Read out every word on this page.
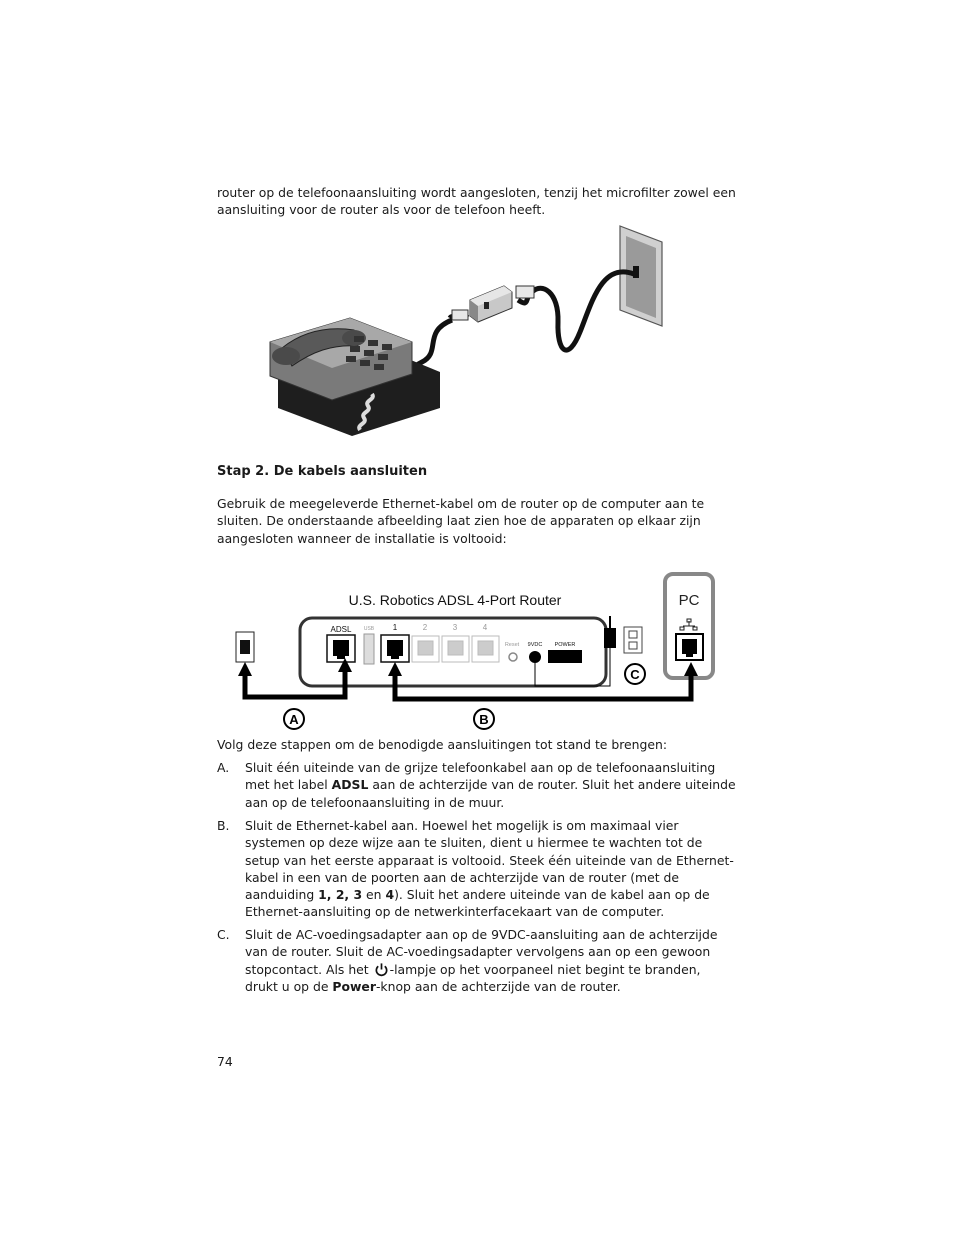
router op de telefoonaansluiting wordt aangesloten, tenzij het microfilter zowel een aansluiting voor de router als voor de telefoon heeft.

Stap 2. De kabels aansluiten

Gebruik de meegeleverde Ethernet-kabel om de router op de computer aan te sluiten. De onderstaande afbeelding laat zien hoe de apparaten op elkaar zijn aangesloten wanneer de installatie is voltooid:

PC
U.S. Robotics ADSL 4-Port Router
ADSL USB 1	2	3	4
Reset 9VDC POWER
A	B
C

Volg deze stappen om de benodigde aansluitingen tot stand te brengen:

A. Sluit één uiteinde van de grijze telefoonkabel aan op de telefoonaansluiting met het label ADSL aan de achterzijde van de router. Sluit het andere uiteinde aan op de telefoonaansluiting in de muur.
B. Sluit de Ethernet-kabel aan. Hoewel het mogelijk is om maximaal vier systemen op deze wijze aan te sluiten, dient u hiermee te wachten tot de setup van het eerste apparaat is voltooid. Steek één uiteinde van de Ethernet-kabel in een van de poorten aan de achterzijde van de router (met de aanduiding 1, 2, 3 en 4). Sluit het andere uiteinde van de kabel aan op de Ethernet-aansluiting op de netwerkinterfacekaart van de computer.
C. Sluit de AC-voedingsadapter aan op de 9VDC-aansluiting aan de achterzijde van de router. Sluit de AC-voedingsadapter vervolgens aan op een gewoon stopcontact. Als het -lampje op het voorpaneel niet begint te branden, drukt u op de Power-knop aan de achterzijde van de router.

74
